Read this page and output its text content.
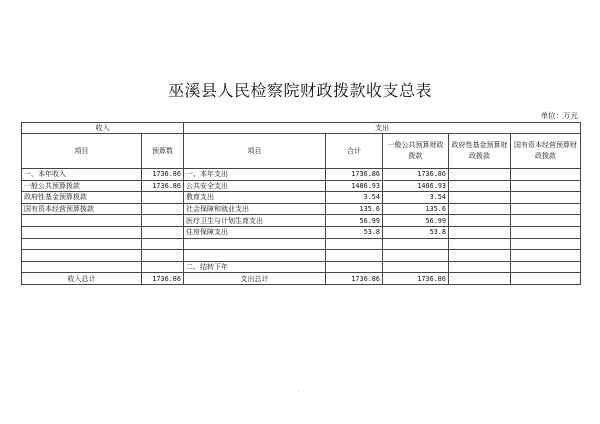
巫溪县人民检察院财政拨款收支总表
单位：万元
收入		支出				
项目	预算数	项目	合计	一般公共预算财政拨款	政府性基金预算财政拨款	国有资本经营预算财政拨款
一、本年收入	1736.86	一、本年支出	1736.86	1736.86		
一般公共预算拨款	1736.86	公共安全支出	1486.93	1486.93		
政府性基金预算拨款		教育支出	3.54	3.54		
国有资本经营预算拨款		社会保障和就业支出	135.6	135.6		
		医疗卫生与计划生育支出	56.99	56.99		
		住房保障支出	53.8	53.8		

		二、结转下年				
收入总计	1736.86	支出总计	1736.86	1736.86		
.
